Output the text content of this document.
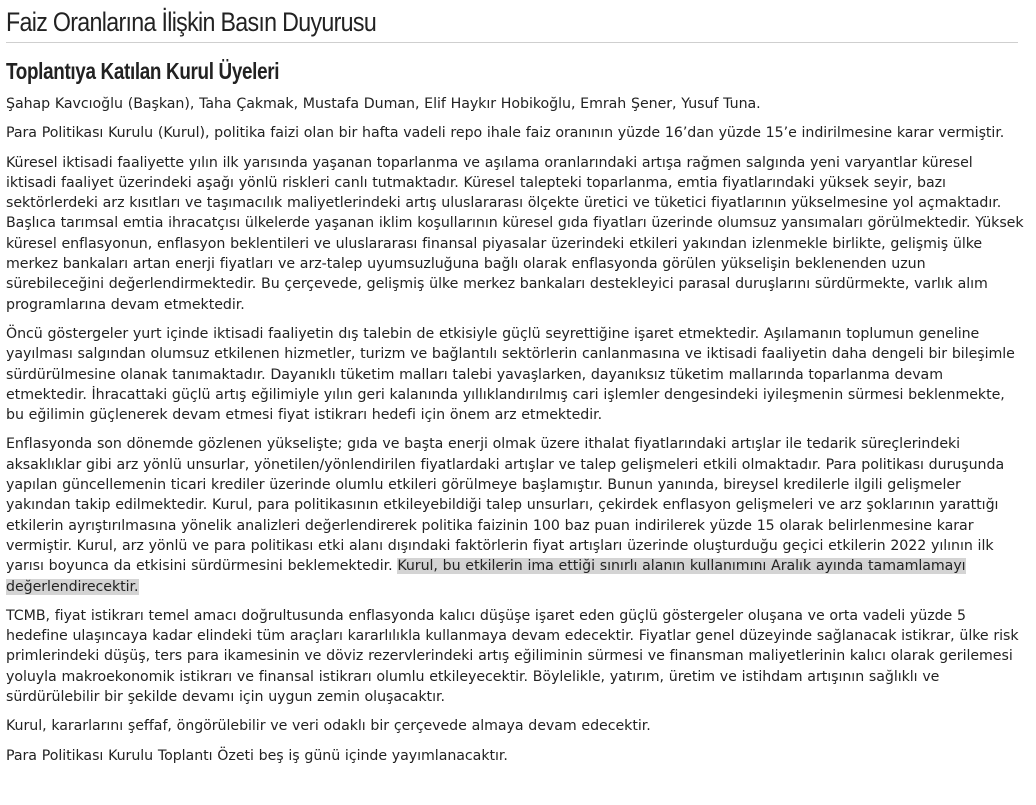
Faiz Oranlarına İlişkin Basın Duyurusu
Toplantıya Katılan Kurul Üyeleri

Şahap Kavcıoğlu (Başkan), Taha Çakmak, Mustafa Duman, Elif Haykır Hobikoğlu, Emrah Şener, Yusuf Tuna.

Para Politikası Kurulu (Kurul), politika faizi olan bir hafta vadeli repo ihale faiz oranının yüzde 16’dan yüzde 15’e indirilmesine karar vermiştir.

Küresel iktisadi faaliyette yılın ilk yarısında yaşanan toparlanma ve aşılama oranlarındaki artışa rağmen salgında yeni varyantlar küresel iktisadi faaliyet üzerindeki aşağı yönlü riskleri canlı tutmaktadır. Küresel talepteki toparlanma, emtia fiyatlarındaki yüksek seyir, bazı sektörlerdeki arz kısıtları ve taşımacılık maliyetlerindeki artış uluslararası ölçekte üretici ve tüketici fiyatlarının yükselmesine yol açmaktadır. Başlıca tarımsal emtia ihracatçısı ülkelerde yaşanan iklim koşullarının küresel gıda fiyatları üzerinde olumsuz yansımaları görülmektedir. Yüksek küresel enflasyonun, enflasyon beklentileri ve uluslararası finansal piyasalar üzerindeki etkileri yakından izlenmekle birlikte, gelişmiş ülke merkez bankaları artan enerji fiyatları ve arz-talep uyumsuzluğuna bağlı olarak enflasyonda görülen yükselişin beklenenden uzun sürebileceğini değerlendirmektedir. Bu çerçevede, gelişmiş ülke merkez bankaları destekleyici parasal duruşlarını sürdürmekte, varlık alım programlarına devam etmektedir.

Öncü göstergeler yurt içinde iktisadi faaliyetin dış talebin de etkisiyle güçlü seyrettiğine işaret etmektedir. Aşılamanın toplumun geneline yayılması salgından olumsuz etkilenen hizmetler, turizm ve bağlantılı sektörlerin canlanmasına ve iktisadi faaliyetin daha dengeli bir bileşimle sürdürülmesine olanak tanımaktadır. Dayanıklı tüketim malları talebi yavaşlarken, dayanıksız tüketim mallarında toparlanma devam etmektedir. İhracattaki güçlü artış eğilimiyle yılın geri kalanında yıllıklandırılmış cari işlemler dengesindeki iyileşmenin sürmesi beklenmekte, bu eğilimin güçlenerek devam etmesi fiyat istikrarı hedefi için önem arz etmektedir.

Enflasyonda son dönemde gözlenen yükselişte; gıda ve başta enerji olmak üzere ithalat fiyatlarındaki artışlar ile tedarik süreçlerindeki aksaklıklar gibi arz yönlü unsurlar, yönetilen/yönlendirilen fiyatlardaki artışlar ve talep gelişmeleri etkili olmaktadır. Para politikası duruşunda yapılan güncellemenin ticari krediler üzerinde olumlu etkileri görülmeye başlamıştır. Bunun yanında, bireysel kredilerle ilgili gelişmeler yakından takip edilmektedir. Kurul, para politikasının etkileyebildiği talep unsurları, çekirdek enflasyon gelişmeleri ve arz şoklarının yarattığı etkilerin ayrıştırılmasına yönelik analizleri değerlendirerek politika faizinin 100 baz puan indirilerek yüzde 15 olarak belirlenmesine karar vermiştir. Kurul, arz yönlü ve para politikası etki alanı dışındaki faktörlerin fiyat artışları üzerinde oluşturduğu geçici etkilerin 2022 yılının ilk yarısı boyunca da etkisini sürdürmesini beklemektedir. Kurul, bu etkilerin ima ettiği sınırlı alanın kullanımını Aralık ayında tamamlamayı değerlendirecektir.

TCMB, fiyat istikrarı temel amacı doğrultusunda enflasyonda kalıcı düşüşe işaret eden güçlü göstergeler oluşana ve orta vadeli yüzde 5 hedefine ulaşıncaya kadar elindeki tüm araçları kararlılıkla kullanmaya devam edecektir. Fiyatlar genel düzeyinde sağlanacak istikrar, ülke risk primlerindeki düşüş, ters para ikamesinin ve döviz rezervlerindeki artış eğiliminin sürmesi ve finansman maliyetlerinin kalıcı olarak gerilemesi yoluyla makroekonomik istikrarı ve finansal istikrarı olumlu etkileyecektir. Böylelikle, yatırım, üretim ve istihdam artışının sağlıklı ve sürdürülebilir bir şekilde devamı için uygun zemin oluşacaktır.

Kurul, kararlarını şeffaf, öngörülebilir ve veri odaklı bir çerçevede almaya devam edecektir.

Para Politikası Kurulu Toplantı Özeti beş iş günü içinde yayımlanacaktır.
